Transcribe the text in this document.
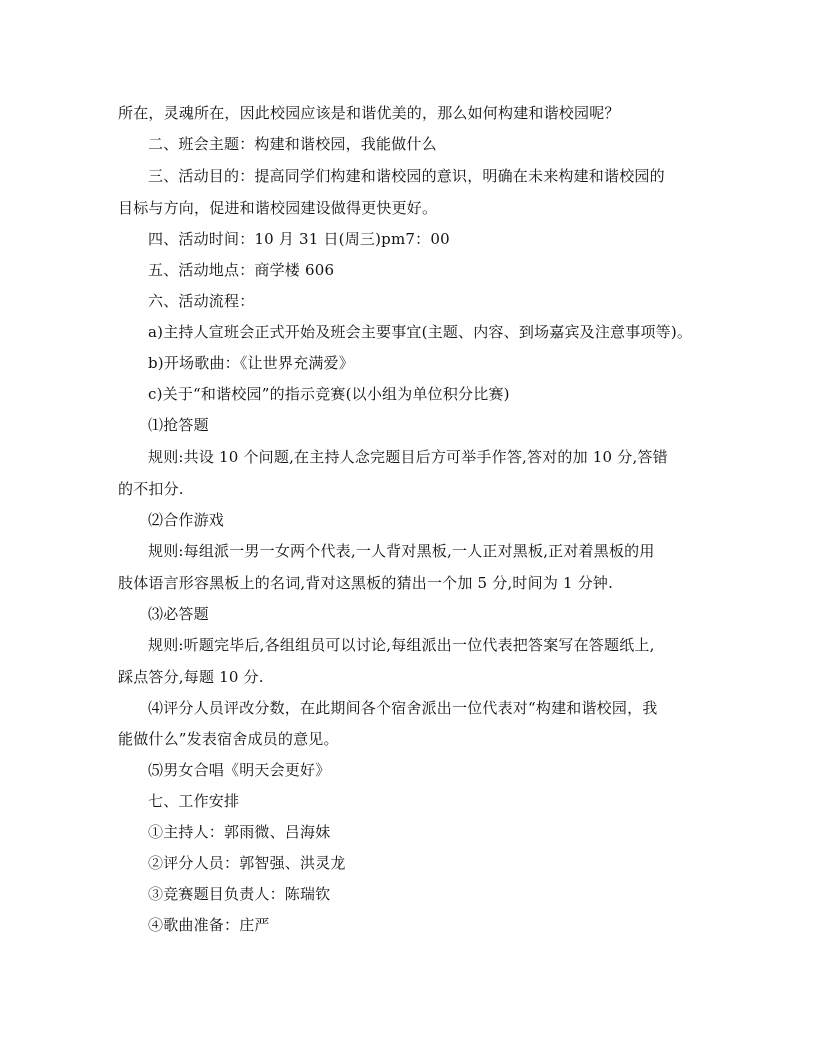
所在，灵魂所在，因此校园应该是和谐优美的，那么如何构建和谐校园呢？
二、班会主题：构建和谐校园，我能做什么
三、活动目的：提高同学们构建和谐校园的意识，明确在未来构建和谐校园的
目标与方向，促进和谐校园建设做得更快更好。
四、活动时间：10 月 31 日(周三)pm7：00
五、活动地点：商学楼 606
六、活动流程：
a)主持人宣班会正式开始及班会主要事宜(主题、内容、到场嘉宾及注意事项等)。
b)开场歌曲：《让世界充满爱》
c)关于“和谐校园”的指示竞赛(以小组为单位积分比赛)
⑴抢答题
规则:共设 10 个问题,在主持人念完题目后方可举手作答,答对的加 10 分,答错
的不扣分.
⑵合作游戏
规则:每组派一男一女两个代表,一人背对黑板,一人正对黑板,正对着黑板的用
肢体语言形容黑板上的名词,背对这黑板的猜出一个加 5 分,时间为 1 分钟.
⑶必答题
规则:听题完毕后,各组组员可以讨论,每组派出一位代表把答案写在答题纸上,
踩点答分,每题 10 分.
⑷评分人员评改分数，在此期间各个宿舍派出一位代表对“构建和谐校园，我
能做什么”发表宿舍成员的意见。
⑸男女合唱《明天会更好》
七、工作安排
①主持人：郭雨微、吕海妹
②评分人员：郭智强、洪灵龙
③竞赛题目负责人：陈瑞钦
④歌曲准备：庄严
